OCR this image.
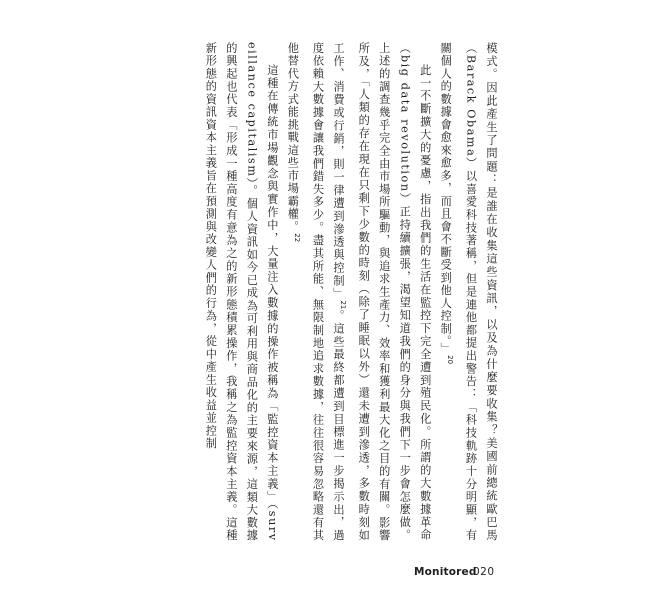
模式。因此產生了問題：是誰在收集這些資訊，以及為什麼要收集？美國前總統歐巴馬（Barack Obama）以喜愛科技著稱，但是連他都提出警告：「科技軌跡十分明顯，有關個人的數據會愈來愈多，而且會不斷受到他人控制。」$^{20}$

此一不斷擴大的憂慮，指出我們的生活在監控下完全遭到殖民化。所謂的大數據革命（big data revolution）正持續擴張，渴望知道我們的身分與我們下一步會怎麼做。上述的調查幾乎完全由市場所驅動，與追求生產力、效率和獲利最大化之目的有關。影響所及，「人類的存在現在只剩下少數的時刻（除了睡眠以外）還未遭到滲透，多數時刻如工作、消費或行銷，則一律遭到滲透與控制」$^{21}$。這些最終都遭到目標進一步揭示出，過度依賴大數據會讓我們錯失多少。盡其所能、無限制地追求數據，往往很容易忽略還有其他替代方式能挑戰這些市場霸權。$^{22}$

這種在傳統市場觀念與實作中，大量注入數據的操作被稱為「監控資本主義」（surveillance capitalism）。個人資訊如今已成為可利用與商品化的主要來源，這類大數據的興起也代表「形成一種高度有意為之的新形態積累操作，我稱之為監控資本主義。這種新形態的資訊資本主義旨在預測與改變人們的行為，從中產生收益並控制

Monitored
020
